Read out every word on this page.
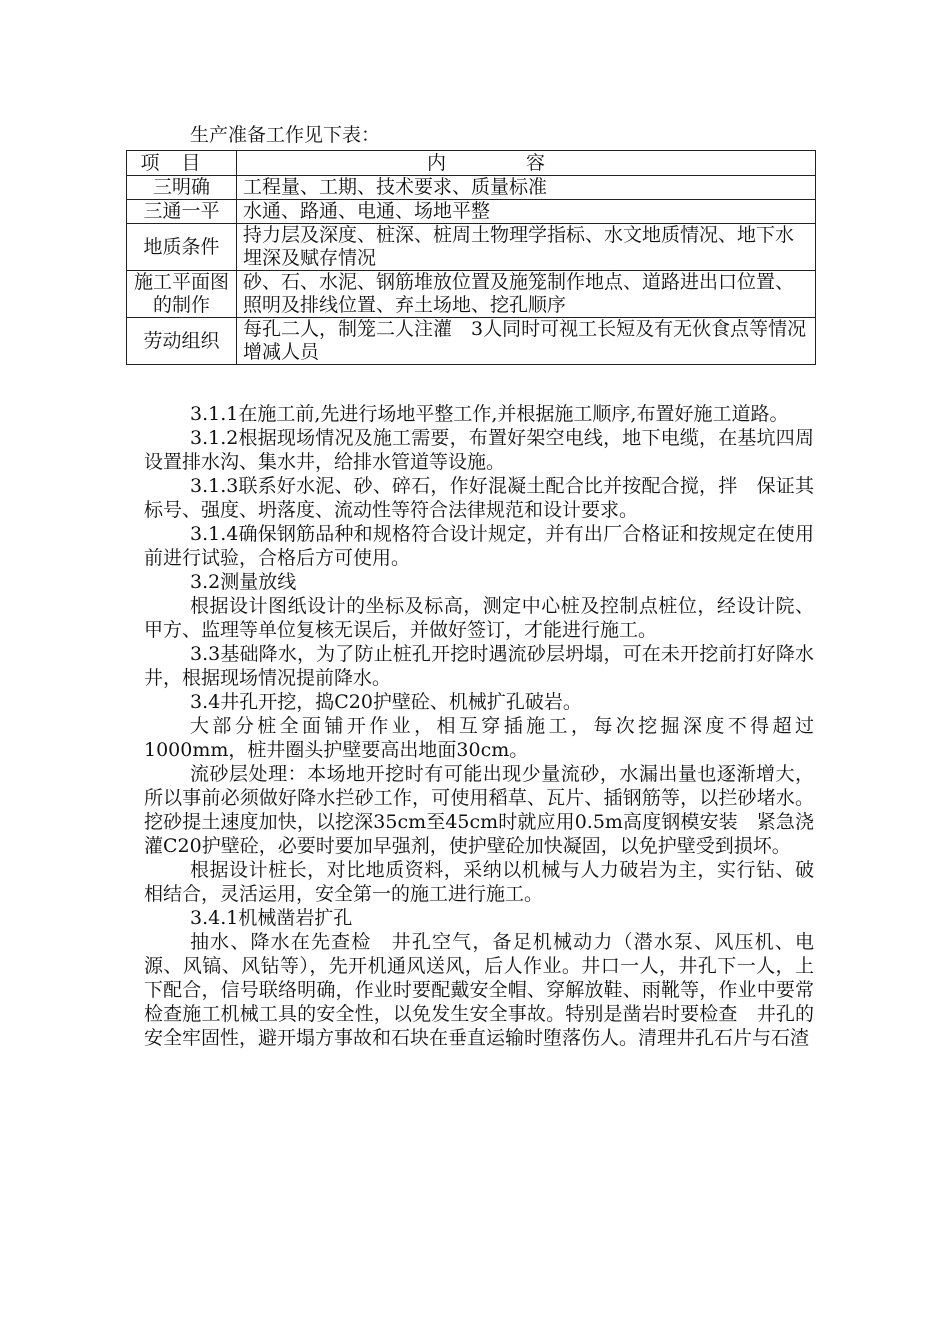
生产准备工作见下表：
项目	内容
三明确	工程量、工期、技术要求、质量标准
三通一平	水通、路通、电通、场地平整
地质条件	持力层及深度、桩深、桩周土物理学指标、水文地质情况、地下水埋深及赋存情况
施工平面图的制作	砂、石、水泥、钢筋堆放位置及施笼制作地点、道路进出口位置、照明及排线位置、弃土场地、挖孔顺序
劳动组织	每孔二人，制笼二人注灌　3人同时可视工长短及有无伙食点等情况增减人员

3.1.1在施工前,先进行场地平整工作,并根据施工顺序,布置好施工道路。

3.1.2根据现场情况及施工需要，布置好架空电线，地下电缆，在基坑四周设置排水沟、集水井，给排水管道等设施。

3.1.3联系好水泥、砂、碎石，作好混凝土配合比并按配合搅，拌　保证其标号、强度、坍落度、流动性等符合法律规范和设计要求。

3.1.4确保钢筋品种和规格符合设计规定，并有出厂合格证和按规定在使用前进行试验，合格后方可使用。

3.2测量放线

根据设计图纸设计的坐标及标高，测定中心桩及控制点桩位，经设计院、甲方、监理等单位复核无误后，并做好签订，才能进行施工。

3.3基础降水，为了防止桩孔开挖时遇流砂层坍塌，可在未开挖前打好降水井，根据现场情况提前降水。

3.4井孔开挖，捣C20护壁砼、机械扩孔破岩。

大部分桩全面铺开作业，相互穿插施工，每次挖掘深度不得超过1000mm，桩井圈头护壁要高出地面30cm。

流砂层处理：本场地开挖时有可能出现少量流砂，水漏出量也逐渐增大，所以事前必须做好降水拦砂工作，可使用稻草、瓦片、插钢筋等，以拦砂堵水。挖砂提土速度加快，以挖深35cm至45cm时就应用0.5m高度钢模安装　紧急浇灌C20护壁砼，必要时要加早强剂，使护壁砼加快凝固，以免护壁受到损坏。

根据设计桩长，对比地质资料，采纳以机械与人力破岩为主，实行钻、破相结合，灵活运用，安全第一的施工进行施工。

3.4.1机械凿岩扩孔

抽水、降水在先查检　井孔空气，备足机械动力（潜水泵、风压机、电源、风镐、风钻等），先开机通风送风，后人作业。井口一人，井孔下一人，上下配合，信号联络明确，作业时要配戴安全帽、穿解放鞋、雨靴等，作业中要常检查施工机械工具的安全性，以免发生安全事故。特别是凿岩时要检查　井孔的安全牢固性，避开塌方事故和石块在垂直运输时堕落伤人。清理井孔石片与石渣
